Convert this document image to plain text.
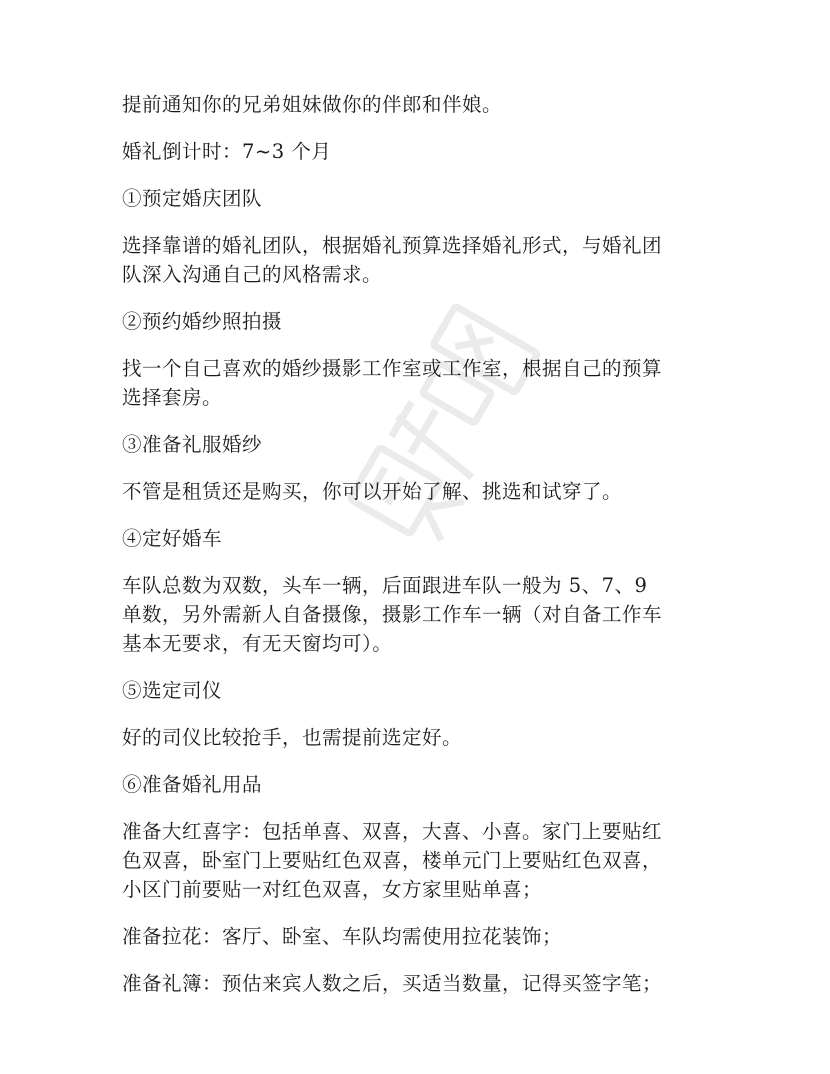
提前通知你的兄弟姐妹做你的伴郎和伴娘。

婚礼倒计时：7~3 个月

①预定婚庆团队

选择靠谱的婚礼团队，根据婚礼预算选择婚礼形式，与婚礼团
队深入沟通自己的风格需求。

②预约婚纱照拍摄

找一个自己喜欢的婚纱摄影工作室或工作室，根据自己的预算
选择套房。

③准备礼服婚纱

不管是租赁还是购买，你可以开始了解、挑选和试穿了。

④定好婚车

车队总数为双数，头车一辆，后面跟进车队一般为 5、7、9
单数，另外需新人自备摄像，摄影工作车一辆（对自备工作车
基本无要求，有无天窗均可）。

⑤选定司仪

好的司仪比较抢手，也需提前选定好。

⑥准备婚礼用品

准备大红喜字：包括单喜、双喜，大喜、小喜。家门上要贴红
色双喜，卧室门上要贴红色双喜，楼单元门上要贴红色双喜，
小区门前要贴一对红色双喜，女方家里贴单喜；

准备拉花：客厅、卧室、车队均需使用拉花装饰；

准备礼簿：预估来宾人数之后，买适当数量，记得买签字笔；
